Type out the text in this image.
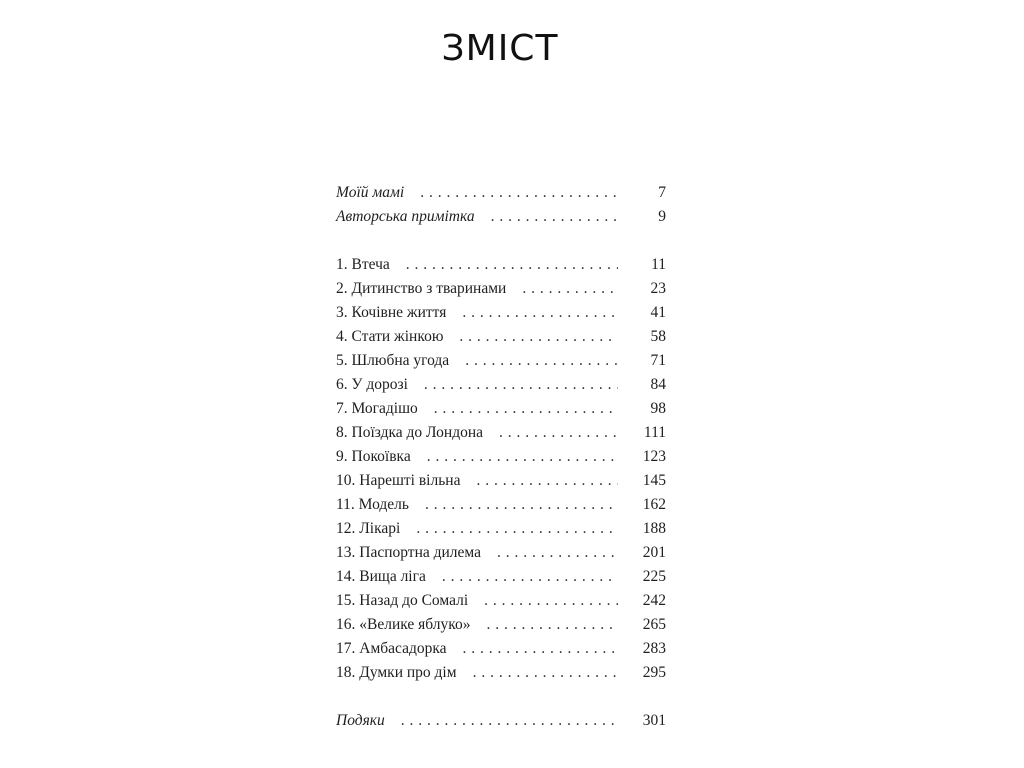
ЗМІСТ
Моїй мамі . . .	7
Авторська примітка . . .	9
1. Втеча . . .	11
2. Дитинство з тваринами . . .	23
3. Кочівне життя . . .	41
4. Стати жінкою . . .	58
5. Шлюбна угода . . .	71
6. У дорозі . . .	84
7. Могадішо . . .	98
8. Поїздка до Лондона . . .	111
9. Покоївка . . .	123
10. Нарешті вільна . . .	145
11. Модель . . .	162
12. Лікарі . . .	188
13. Паспортна дилема . . .	201
14. Вища ліга . . .	225
15. Назад до Сомалі . . .	242
16. «Велике яблуко» . . .	265
17. Амбасадорка . . .	283
18. Думки про дім . . .	295
Подяки . . .	301
